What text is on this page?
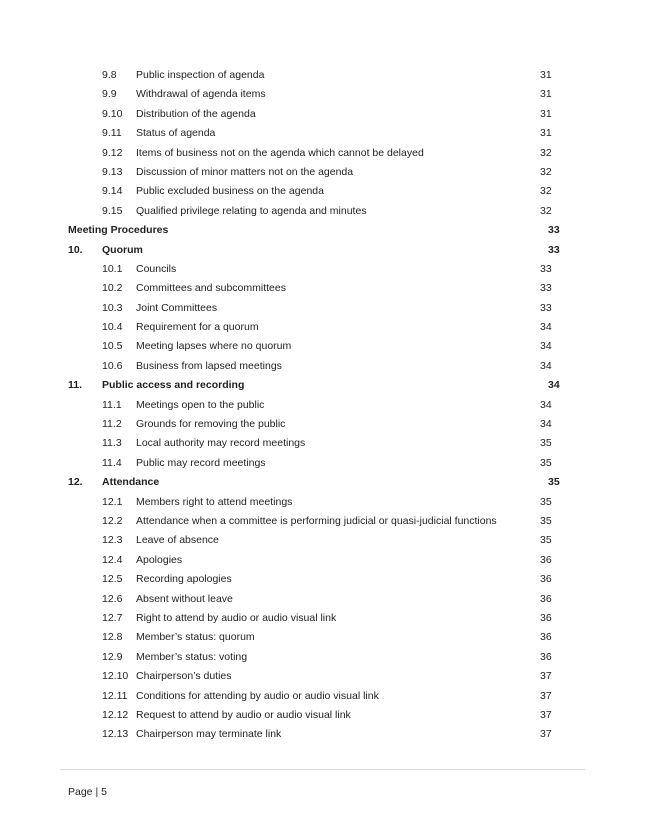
9.8	Public inspection of agenda	31
9.9	Withdrawal of agenda items	31
9.10	Distribution of the agenda	31
9.11	Status of agenda	31
9.12	Items of business not on the agenda which cannot be delayed	32
9.13	Discussion of minor matters not on the agenda	32
9.14	Public excluded business on the agenda	32
9.15	Qualified privilege relating to agenda and minutes	32
Meeting Procedures	33
10.	Quorum	33
10.1	Councils	33
10.2	Committees and subcommittees	33
10.3	Joint Committees	33
10.4	Requirement for a quorum	34
10.5	Meeting lapses where no quorum	34
10.6	Business from lapsed meetings	34
11.	Public access and recording	34
11.1	Meetings open to the public	34
11.2	Grounds for removing the public	34
11.3	Local authority may record meetings	35
11.4	Public may record meetings	35
12.	Attendance	35
12.1	Members right to attend meetings	35
12.2	Attendance when a committee is performing judicial or quasi-judicial functions	35
12.3	Leave of absence	35
12.4	Apologies	36
12.5	Recording apologies	36
12.6	Absent without leave	36
12.7	Right to attend by audio or audio visual link	36
12.8	Member’s status: quorum	36
12.9	Member’s status: voting	36
12.10 Chairperson’s duties	37
12.11 Conditions for attending by audio or audio visual link	37
12.12 Request to attend by audio or audio visual link	37
12.13 Chairperson may terminate link	37
Page | 5
